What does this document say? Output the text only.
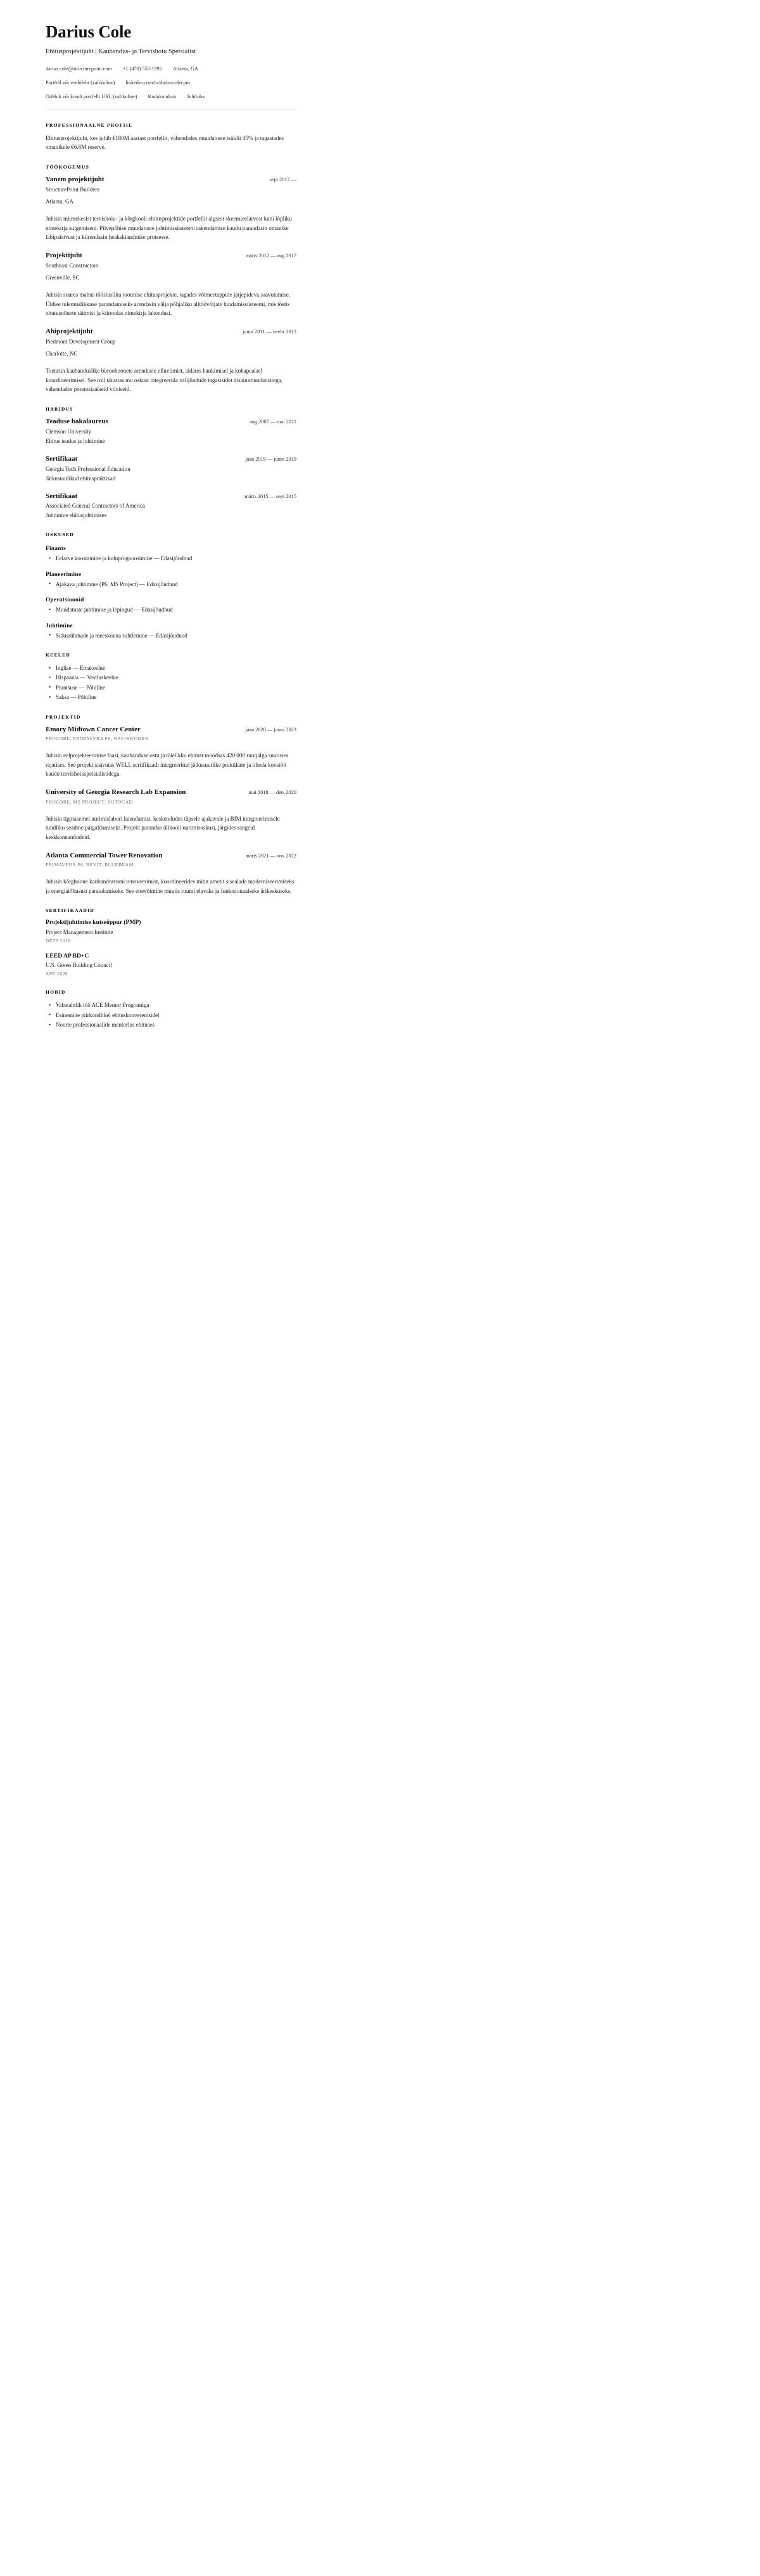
Darius Cole
Ehitusprojektijuht | Kaubandus- ja Tervishoiu Spetsialist
darius.cole@structurepoint.com +1 (470) 555-1992 Atlanta, GA
Portfell või veebileht (valikuline) linkedin.com/in/dariuscolecpm
GitHub või koodi portfelli URL (valikuline) Kodakondsus Juhiluba
PROFESSIONAALNE PROFIIL

Ehitusprojektijuht, kes juhib €180M aastast portfellit, vähendades muudatuste tsüklit 45% ja tagastades omanikele €6.8M reserve.

TÖÖKOGEMUS
Vanem projektijuht	sept 2017 —
StructurePoint Builders
Atlanta, GA

Juhisin mitmekesist tervishoiu- ja kõrgkooli ehitusprojektide portfellit algsest skeemieelarvest kuni lõpliku nimekirja sulgemiseni. Pilvepõhise muudatuste juhtimissüsteemi rakendamise kaudu parandasin omanike läbipaistvust ja kiirendasin heakskiandmise protsesse.

Projektijuht	märts 2012 — aug 2017
Southeast Constructors
Greenville, SC

Juhisin suures mahus tööstusliku tootmise ehitusprojekte, tagades võtmeetappide järjepideva saavutamise. Üldise tulemuslikkuse parandamiseks arendasin välja põhjaliku alltöövõtjate hindamissüsteemi, mis tõstis ohutusnõuete täitmist ja kiirendas nimekirja lahendusi.

Abiprojektijuht	juuni 2011 — veebr 2012
Piedmont Development Group
Charlotte, NC

Toetasin kaubanduslike büroohoonete arenduste elluviimist, aidates hankimisel ja kohapealsel koordineerimisel. See roll täiustas mu oskust integreerida välijõudude tagasisidet disainimuudatustega, vähendades potentsiaalseid viiviseid.

HARIDUS
Teaduse bakalaureus	aug 2007 — mai 2011
Clemson University
Ehitus teadus ja juhtimine
Sertifikaat	jaan 2019 — juuni 2019
Georgia Tech Professional Education
Jätkusuutlikud ehituspraktikad
Sertifikaat	märts 2015 — sept 2015
Associated General Contractors of America
Juhtimine ehitusjuhtimises
OSKUSED
Finants
• Eelarve koostamine ja kuluprognoosimine — Edasijõudnud
Planeerimine
• Ajakava juhtimine (P6, MS Project) — Edasijõudnud
Operatsioonid
• Muudatuste juhtimine ja lepingud — Edasijõudnud
Juhtimine
• Sidusrühmade ja meeskonna suhtlemine — Edasijõudnud
KEELED
• Inglise — Emakeelne
• Hispaania — Vestluskeelne
• Prantsuse — Põhiline
• Saksa — Põhiline
PROJEKTID
Emory Midtown Cancer Center	jaan 2020 — juuni 2023
PROCORE, PRIMAVERA P6, NAVISWORKS

Juhisin eelprojekteerimise faasi, kaubanduse ostu ja täielikku ehitust moodsas 420 000 ruutjalga suuruses rajatises. See projekt saavutas WELL sertifikaadi integreeritud jätkusuutlike praktikate ja tiheda koostöö kaudu tervishoiuspetsialistidega.

University of Georgia Research Lab Expansion	mai 2018 — dets 2020
PROCORE, MS PROJECT, AUTOCAD

Juhisin tipptasemel uurimislabori laiendamist, keskendudes täpsele ajakavale ja BIM integreerimisele tundliku seadme paigaldamiseks. Projekt parandas ülikooli uurimisoskusi, järgides rangeid keskkonnanõudeid.

Atlanta Commercial Tower Renovation	märts 2021 — nov 2022
PRIMAVERA P6, REVIT, BLUEBEAM

Juhisin kõrghoone kaubandustorni renoveerimist, koordineerides mitut ametit sisealade moderniseerimiseks ja energiatõhusust parandamiseks. See ettevõtmine muutis ruumi elavaks ja funktsionaalseks ärikeskuseks.

SERTIFIKAADID
Projektijuhtimise kutseõppur (PMP)
Project Management Institute
DETS 2018
LEED AP BD+C
U.S. Green Building Council
APR 2020
HOBID
• Vabatahtlik töö ACE Mentor Programiga
• Esinemine piirkondlikel ehituskonverentsidel
• Noorte professionaalide mentorlus ehituses
